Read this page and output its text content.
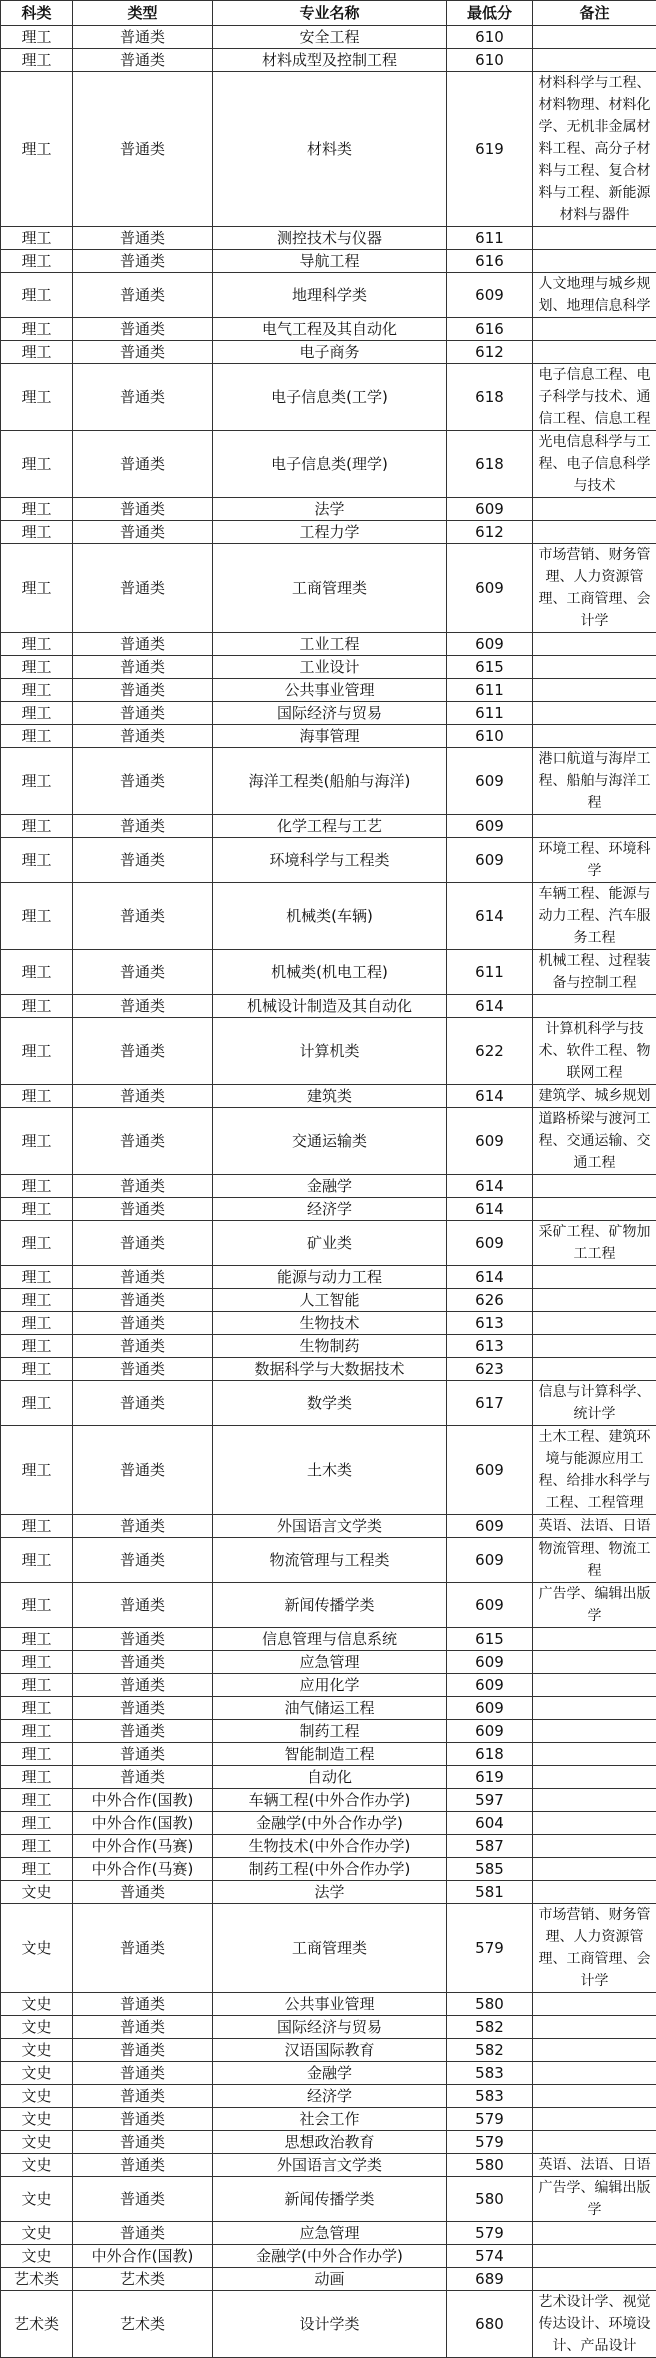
科类	类型	专业名称	最低分	备注
理工	普通类	安全工程	610	
理工	普通类	材料成型及控制工程	610	
理工	普通类	材料类	619	材料科学与工程、材料物理、材料化学、无机非金属材料工程、高分子材料与工程、复合材料与工程、新能源材料与器件
理工	普通类	测控技术与仪器	611	
理工	普通类	导航工程	616	
理工	普通类	地理科学类	609	人文地理与城乡规划、地理信息科学
理工	普通类	电气工程及其自动化	616	
理工	普通类	电子商务	612	
理工	普通类	电子信息类(工学)	618	电子信息工程、电子科学与技术、通信工程、信息工程
理工	普通类	电子信息类(理学)	618	光电信息科学与工程、电子信息科学与技术
理工	普通类	法学	609	
理工	普通类	工程力学	612	
理工	普通类	工商管理类	609	市场营销、财务管理、人力资源管理、工商管理、会计学
理工	普通类	工业工程	609	
理工	普通类	工业设计	615	
理工	普通类	公共事业管理	611	
理工	普通类	国际经济与贸易	611	
理工	普通类	海事管理	610	
理工	普通类	海洋工程类(船舶与海洋)	609	港口航道与海岸工程、船舶与海洋工程
理工	普通类	化学工程与工艺	609	
理工	普通类	环境科学与工程类	609	环境工程、环境科学
理工	普通类	机械类(车辆)	614	车辆工程、能源与动力工程、汽车服务工程
理工	普通类	机械类(机电工程)	611	机械工程、过程装备与控制工程
理工	普通类	机械设计制造及其自动化	614	
理工	普通类	计算机类	622	计算机科学与技术、软件工程、物联网工程
理工	普通类	建筑类	614	建筑学、城乡规划
理工	普通类	交通运输类	609	道路桥梁与渡河工程、交通运输、交通工程
理工	普通类	金融学	614	
理工	普通类	经济学	614	
理工	普通类	矿业类	609	采矿工程、矿物加工工程
理工	普通类	能源与动力工程	614	
理工	普通类	人工智能	626	
理工	普通类	生物技术	613	
理工	普通类	生物制药	613	
理工	普通类	数据科学与大数据技术	623	
理工	普通类	数学类	617	信息与计算科学、统计学
理工	普通类	土木类	609	土木工程、建筑环境与能源应用工程、给排水科学与工程、工程管理
理工	普通类	外国语言文学类	609	英语、法语、日语
理工	普通类	物流管理与工程类	609	物流管理、物流工程
理工	普通类	新闻传播学类	609	广告学、编辑出版学
理工	普通类	信息管理与信息系统	615	
理工	普通类	应急管理	609	
理工	普通类	应用化学	609	
理工	普通类	油气储运工程	609	
理工	普通类	制药工程	609	
理工	普通类	智能制造工程	618	
理工	普通类	自动化	619	
理工	中外合作(国教)	车辆工程(中外合作办学)	597	
理工	中外合作(国教)	金融学(中外合作办学)	604	
理工	中外合作(马赛)	生物技术(中外合作办学)	587	
理工	中外合作(马赛)	制药工程(中外合作办学)	585	
文史	普通类	法学	581	
文史	普通类	工商管理类	579	市场营销、财务管理、人力资源管理、工商管理、会计学
文史	普通类	公共事业管理	580	
文史	普通类	国际经济与贸易	582	
文史	普通类	汉语国际教育	582	
文史	普通类	金融学	583	
文史	普通类	经济学	583	
文史	普通类	社会工作	579	
文史	普通类	思想政治教育	579	
文史	普通类	外国语言文学类	580	英语、法语、日语
文史	普通类	新闻传播学类	580	广告学、编辑出版学
文史	普通类	应急管理	579	
文史	中外合作(国教)	金融学(中外合作办学)	574	
艺术类	艺术类	动画	689	
艺术类	艺术类	设计学类	680	艺术设计学、视觉传达设计、环境设计、产品设计
